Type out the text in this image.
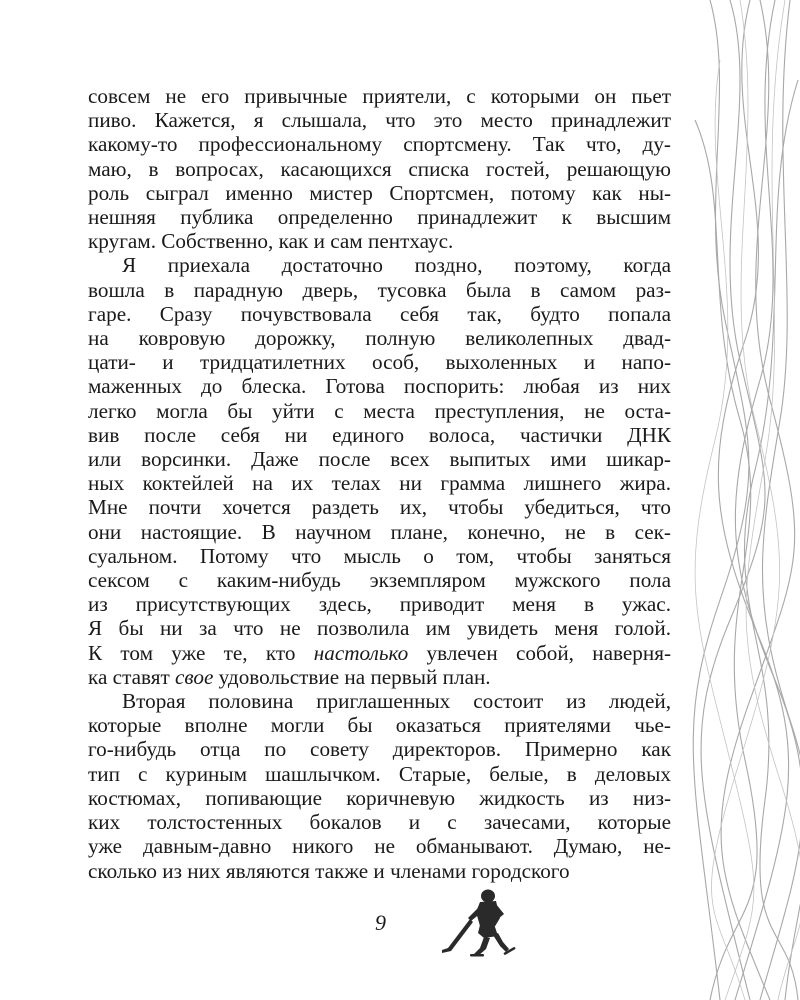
совсем не его привычные приятели, с которыми он пьет
пиво. Кажется, я слышала, что это место принадлежит
какому-то профессиональному спортсмену. Так что, ду-
маю, в вопросах, касающихся списка гостей, решающую
роль сыграл именно мистер Спортсмен, потому как ны-
нешняя публика определенно принадлежит к высшим
кругам. Собственно, как и сам пентхаус.
Я приехала достаточно поздно, поэтому, когда
вошла в парадную дверь, тусовка была в самом раз-
гаре. Сразу почувствовала себя так, будто попала
на ковровую дорожку, полную великолепных двад-
цати- и тридцатилетних особ, выхоленных и напо-
маженных до блеска. Готова поспорить: любая из них
легко могла бы уйти с места преступления, не оста-
вив после себя ни единого волоса, частички ДНК
или ворсинки. Даже после всех выпитых ими шикар-
ных коктейлей на их телах ни грамма лишнего жира.
Мне почти хочется раздеть их, чтобы убедиться, что
они настоящие. В научном плане, конечно, не в сек-
суальном. Потому что мысль о том, чтобы заняться
сексом с каким-нибудь экземпляром мужского пола
из присутствующих здесь, приводит меня в ужас.
Я бы ни за что не позволила им увидеть меня голой.
К том уже те, кто настолько увлечен собой, наверня-
ка ставят свое удовольствие на первый план.
Вторая половина приглашенных состоит из людей,
которые вполне могли бы оказаться приятелями чье-
го-нибудь отца по совету директоров. Примерно как
тип с куриным шашлычком. Старые, белые, в деловых
костюмах, попивающие коричневую жидкость из низ-
ких толстостенных бокалов и с зачесами, которые
уже давным-давно никого не обманывают. Думаю, не-
сколько из них являются также и членами городского
9
